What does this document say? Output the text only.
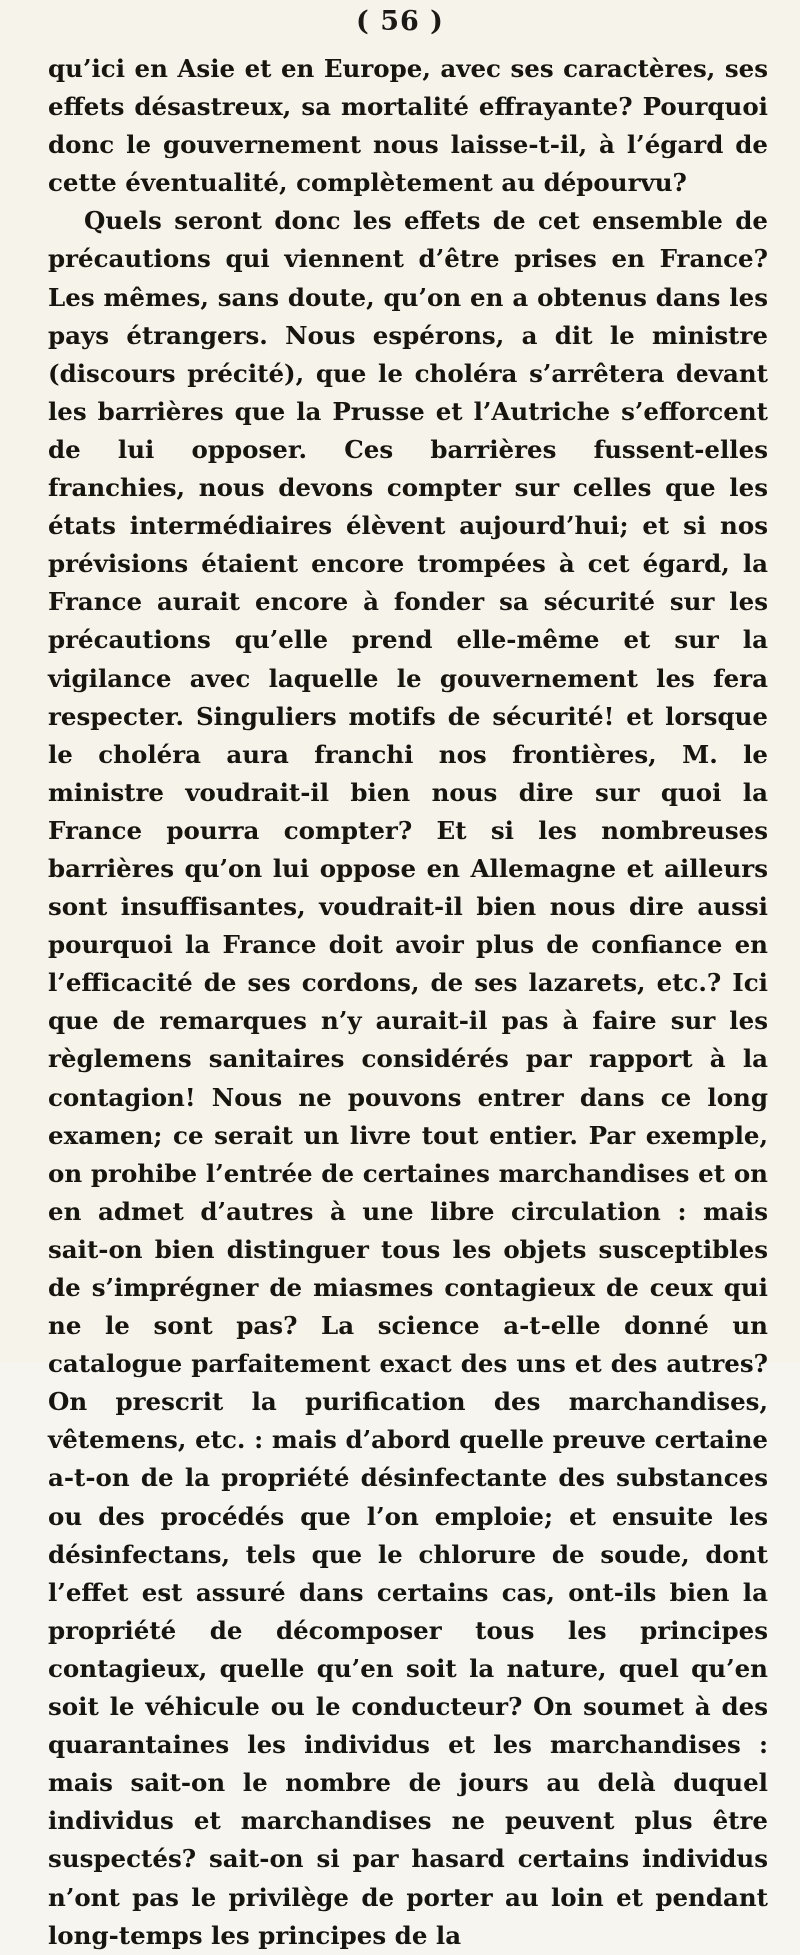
( 56 )

qu’ici en Asie et en Europe, avec ses caractères, ses effets désastreux, sa mortalité effrayante? Pourquoi donc le gouvernement nous laisse-t-il, à l’égard de cette éventualité, complètement au dépourvu?

Quels seront donc les effets de cet ensemble de précautions qui viennent d’être prises en France? Les mêmes, sans doute, qu’on en a obtenus dans les pays étrangers. Nous espérons, a dit le ministre (discours précité), que le choléra s’arrêtera devant les barrières que la Prusse et l’Autriche s’efforcent de lui opposer. Ces barrières fussent-elles franchies, nous devons compter sur celles que les états intermédiaires élèvent aujourd’hui; et si nos prévisions étaient encore trompées à cet égard, la France aurait encore à fonder sa sécurité sur les précautions qu’elle prend elle-même et sur la vigilance avec laquelle le gouvernement les fera respecter. Singuliers motifs de sécurité! et lorsque le choléra aura franchi nos frontières, M. le ministre voudrait-il bien nous dire sur quoi la France pourra compter? Et si les nombreuses barrières qu’on lui oppose en Allemagne et ailleurs sont insuffisantes, voudrait-il bien nous dire aussi pourquoi la France doit avoir plus de confiance en l’efficacité de ses cordons, de ses lazarets, etc.? Ici que de remarques n’y aurait-il pas à faire sur les règlemens sanitaires considérés par rapport à la contagion! Nous ne pouvons entrer dans ce long examen; ce serait un livre tout entier. Par exemple, on prohibe l’entrée de certaines marchandises et on en admet d’autres à une libre circulation : mais sait-on bien distinguer tous les objets susceptibles de s’imprégner de miasmes contagieux de ceux qui ne le sont pas? La science a-t-elle donné un catalogue parfaitement exact des uns et des autres? On prescrit la purification des marchandises, vêtemens, etc. : mais d’abord quelle preuve certaine a-t-on de la propriété désinfectante des substances ou des procédés que l’on emploie; et ensuite les désinfectans, tels que le chlorure de soude, dont l’effet est assuré dans certains cas, ont-ils bien la propriété de décomposer tous les principes contagieux, quelle qu’en soit la nature, quel qu’en soit le véhicule ou le conducteur? On soumet à des quarantaines les individus et les marchandises : mais sait-on le nombre de jours au delà duquel individus et marchandises ne peuvent plus être suspectés? sait-on si par hasard certains individus n’ont pas le privilège de porter au loin et pendant long-temps les principes de la
